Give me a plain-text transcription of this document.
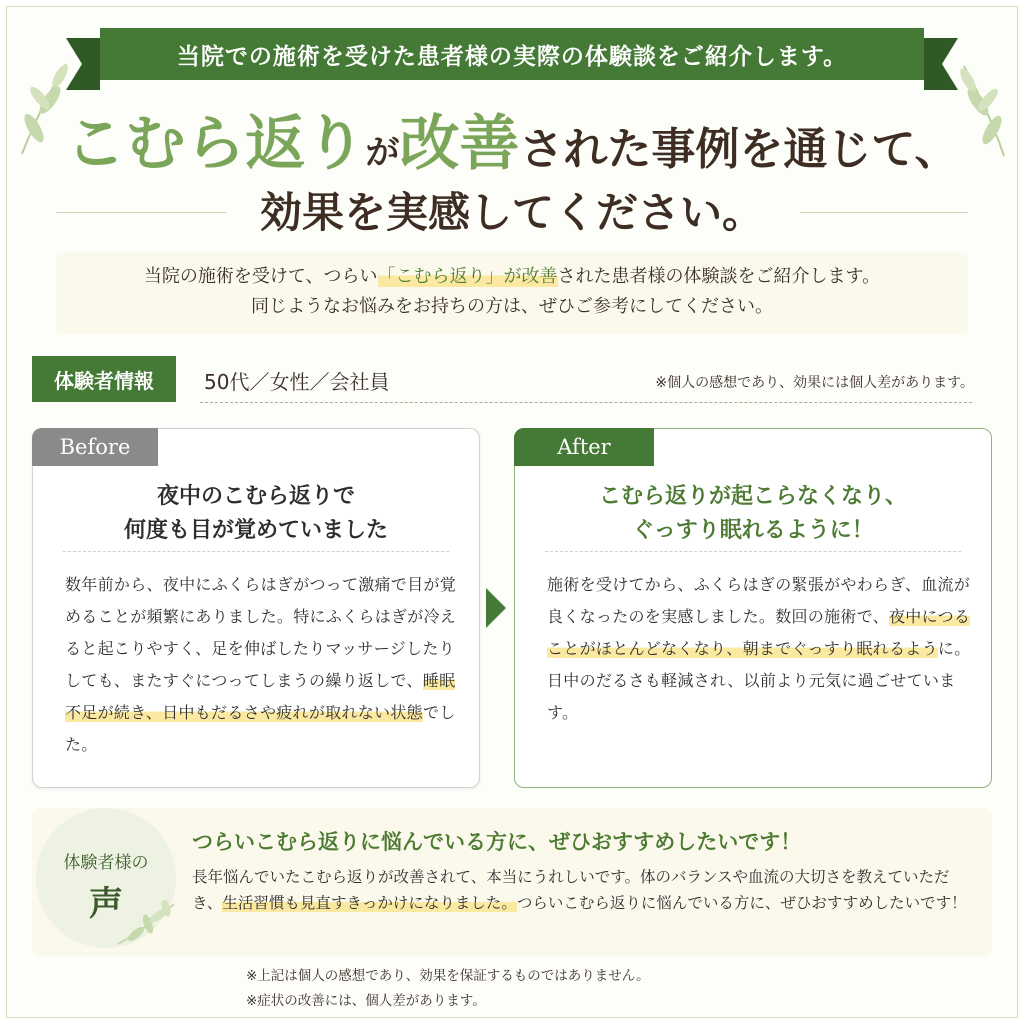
当院での施術を受けた患者様の実際の体験談をご紹介します。
こむら返りが改善された事例を通じて、
効果を実感してください。
当院の施術を受けて、つらい「こむら返り」が改善された患者様の体験談をご紹介します。
同じようなお悩みをお持ちの方は、ぜひご参考にしてください。
体験者情報	50代／女性／会社員	※個人の感想であり、効果には個人差があります。
Before
夜中のこむら返りで
何度も目が覚めていました
数年前から、夜中にふくらはぎがつって激痛で目が覚めることが頻繁にありました。特にふくらはぎが冷えると起こりやすく、足を伸ばしたりマッサージしたりしても、またすぐにつってしまうの繰り返しで、睡眠不足が続き、日中もだるさや疲れが取れない状態でした。
After
こむら返りが起こらなくなり、
ぐっすり眠れるように！
施術を受けてから、ふくらはぎの緊張がやわらぎ、血流が良くなったのを実感しました。数回の施術で、夜中につることがほとんどなくなり、朝までぐっすり眠れるように。日中のだるさも軽減され、以前より元気に過ごせています。
体験者様の
声
つらいこむら返りに悩んでいる方に、ぜひおすすめしたいです！
長年悩んでいたこむら返りが改善されて、本当にうれしいです。体のバランスや血流の大切さを教えていただき、生活習慣も見直すきっかけになりました。つらいこむら返りに悩んでいる方に、ぜひおすすめしたいです！
※上記は個人の感想であり、効果を保証するものではありません。
※症状の改善には、個人差があります。
